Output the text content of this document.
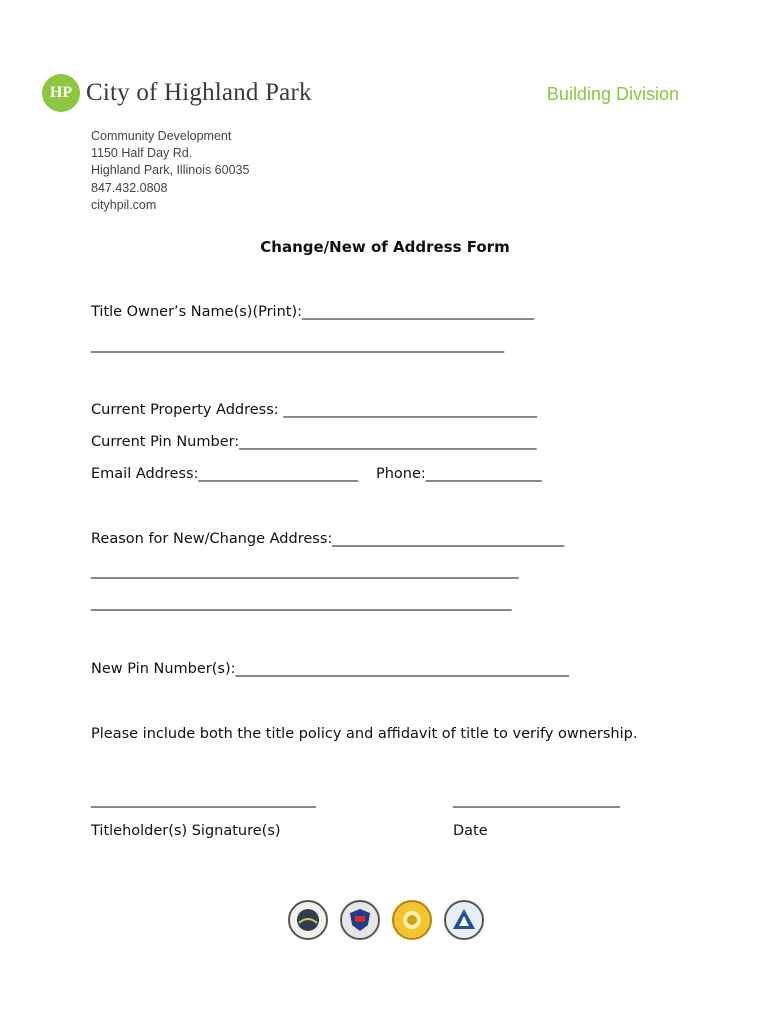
HP City of Highland Park	Building Division
Community Development
1150 Half Day Rd.
Highland Park, Illinois 60035
847.432.0808
cityhpil.com
Change/New of Address Form
Title Owner’s Name(s)(Print):________________________________
_________________________________________________________
Current Property Address: ___________________________________
Current Pin Number:_________________________________________
Email Address:______________________ Phone:________________
Reason for New/Change Address:________________________________
___________________________________________________________
__________________________________________________________
New Pin Number(s):______________________________________________
Please include both the title policy and affidavit of title to verify ownership.
_______________________________	_______________________
Titleholder(s) Signature(s)	Date
